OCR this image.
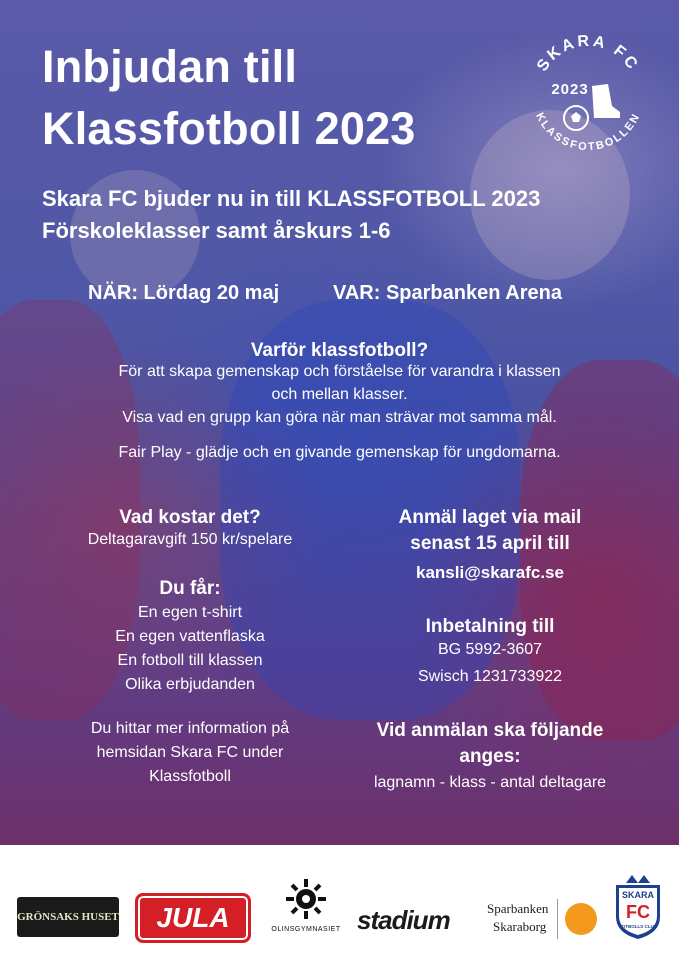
Inbjudan till
Klassfotboll 2023
SKARA FC
KLASSFOTBOLLEN
2023

Skara FC bjuder nu in till KLASSFOTBOLL 2023

Förskoleklasser samt årskurs 1-6

NÄR: Lördag 20 maj	VAR: Sparbanken Arena

Varför klassfotboll?

För att skapa gemenskap och förståelse för varandra i klassen

och mellan klasser.

Visa vad en grupp kan göra när man strävar mot samma mål.

Fair Play - glädje och en givande gemenskap för ungdomarna.

Vad kostar det?

Deltagaravgift 150 kr/spelare

Du får:

En egen t-shirt

En egen vattenflaska

En fotboll till klassen

Olika erbjudanden

Du hittar mer information på

hemsidan Skara FC under

Klassfotboll

Anmäl laget via mail

senast 15 april till

kansli@skarafc.se

Inbetalning till

BG 5992-3607

Swisch 1231733922

Vid anmälan ska följande

anges:

lagnamn - klass - antal deltagare

GRÖNSAKS HUSET	JULA	OLINSGYMNASIET stadium	Sparbanken
Skaraborg
SKARA
FC
FOTBOLLS CLUB
